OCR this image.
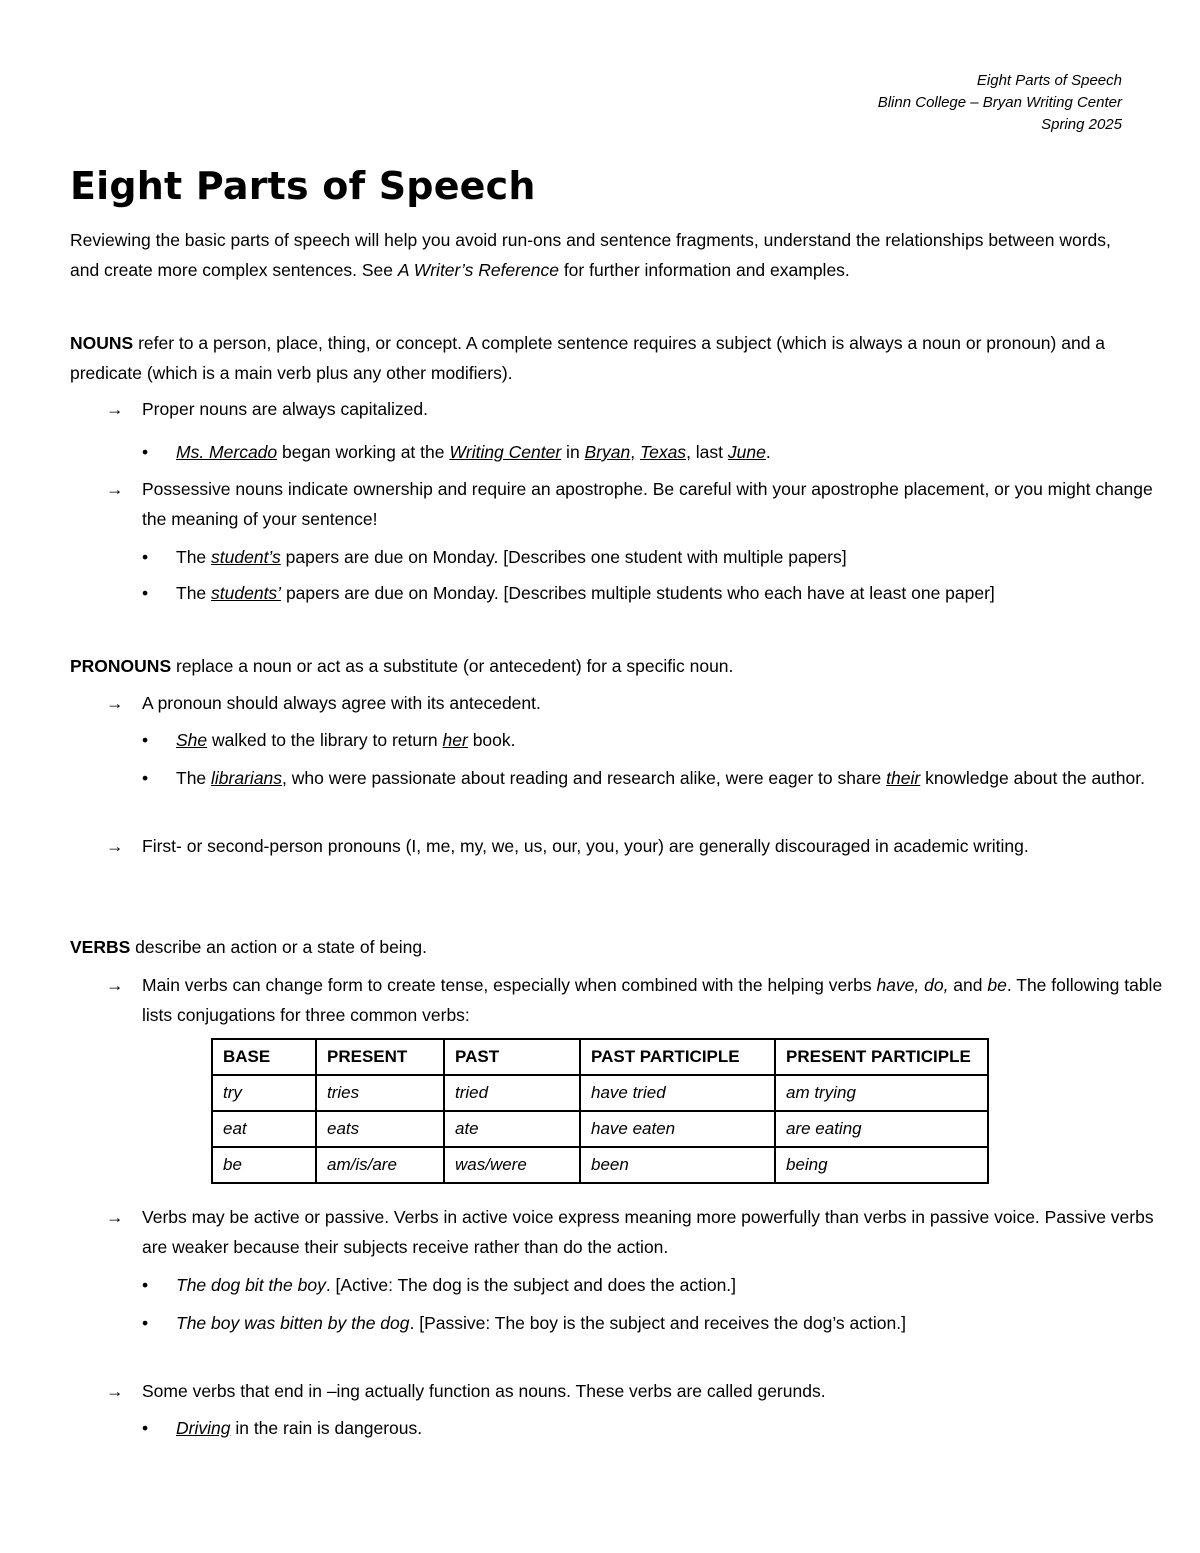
Eight Parts of Speech
Blinn College – Bryan Writing Center
Spring 2025
Eight Parts of Speech

Reviewing the basic parts of speech will help you avoid run-ons and sentence fragments, understand the relationships between words, and create more complex sentences. See A Writer’s Reference for further information and examples.

NOUNS refer to a person, place, thing, or concept. A complete sentence requires a subject (which is always a noun or pronoun) and a predicate (which is a main verb plus any other modifiers).

→ Proper nouns are always capitalized.

• Ms. Mercado began working at the Writing Center in Bryan, Texas, last June.

→ Possessive nouns indicate ownership and require an apostrophe. Be careful with your apostrophe placement, or you might change the meaning of your sentence!

• The student’s papers are due on Monday. [Describes one student with multiple papers]

• The students’ papers are due on Monday. [Describes multiple students who each have at least one paper]

PRONOUNS replace a noun or act as a substitute (or antecedent) for a specific noun.

→ A pronoun should always agree with its antecedent.

• She walked to the library to return her book.

• The librarians, who were passionate about reading and research alike, were eager to share their knowledge about the author.

→ First- or second-person pronouns (I, me, my, we, us, our, you, your) are generally discouraged in academic writing.

VERBS describe an action or a state of being.

→ Main verbs can change form to create tense, especially when combined with the helping verbs have, do, and be. The following table lists conjugations for three common verbs:

BASE	PRESENT	PAST	PAST PARTICIPLE	PRESENT PARTICIPLE
try	tries	tried	have tried	am trying
eat	eats	ate	have eaten	are eating
be	am/is/are	was/were	been	being

→ Verbs may be active or passive. Verbs in active voice express meaning more powerfully than verbs in passive voice. Passive verbs are weaker because their subjects receive rather than do the action.

• The dog bit the boy. [Active: The dog is the subject and does the action.]

• The boy was bitten by the dog. [Passive: The boy is the subject and receives the dog’s action.]

→ Some verbs that end in –ing actually function as nouns. These verbs are called gerunds.

• Driving in the rain is dangerous.
